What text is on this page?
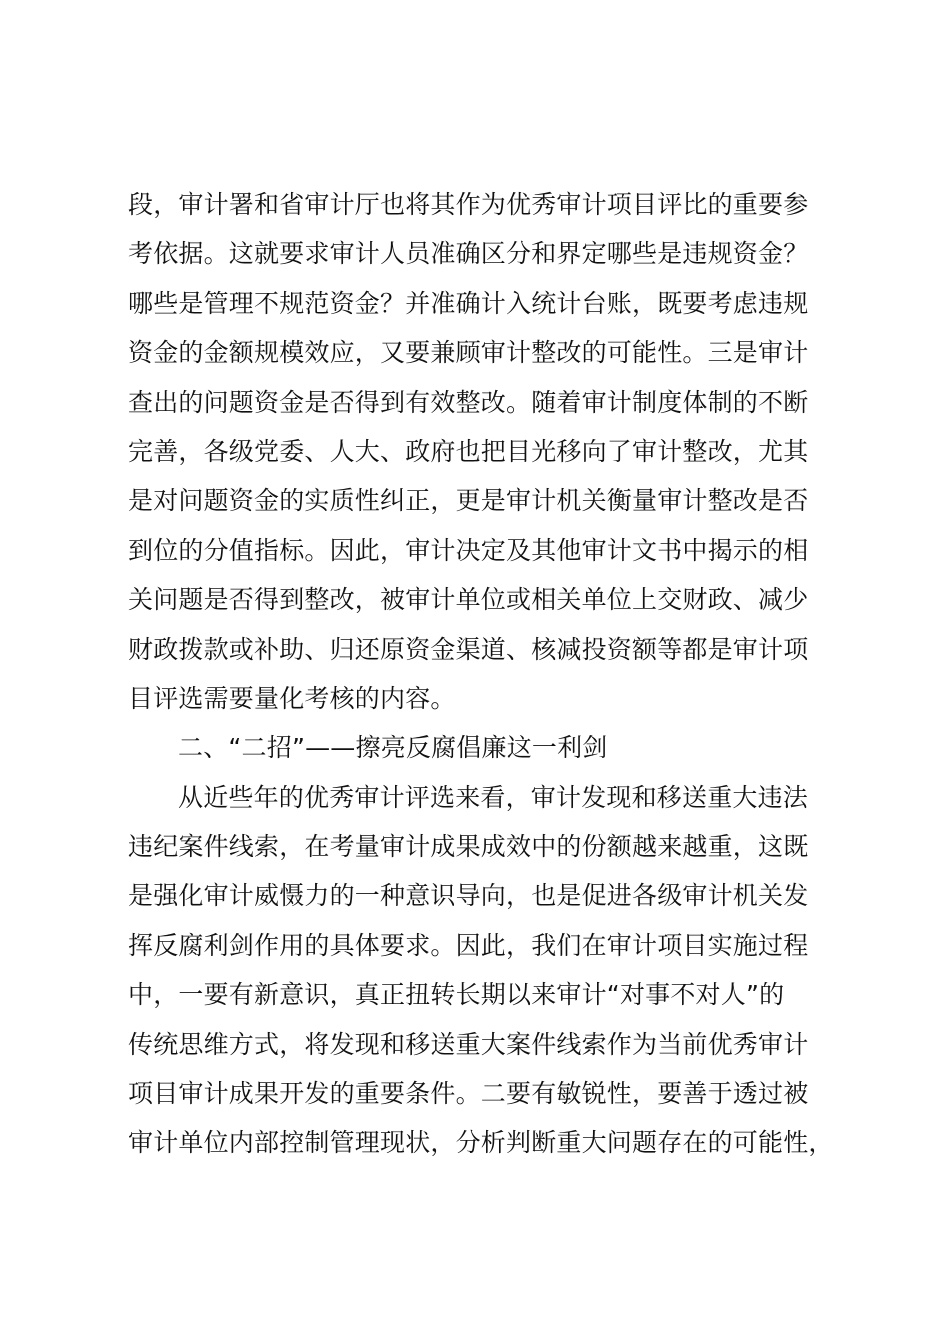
段，审计署和省审计厅也将其作为优秀审计项目评比的重要参
考依据。这就要求审计人员准确区分和界定哪些是违规资金？
哪些是管理不规范资金？并准确计入统计台账，既要考虑违规
资金的金额规模效应，又要兼顾审计整改的可能性。三是审计
查出的问题资金是否得到有效整改。随着审计制度体制的不断
完善，各级党委、人大、政府也把目光移向了审计整改，尤其
是对问题资金的实质性纠正，更是审计机关衡量审计整改是否
到位的分值指标。因此，审计决定及其他审计文书中揭示的相
关问题是否得到整改，被审计单位或相关单位上交财政、减少
财政拨款或补助、归还原资金渠道、核减投资额等都是审计项
目评选需要量化考核的内容。
二、“二招”——擦亮反腐倡廉这一利剑
从近些年的优秀审计评选来看，审计发现和移送重大违法
违纪案件线索，在考量审计成果成效中的份额越来越重，这既
是强化审计威慑力的一种意识导向，也是促进各级审计机关发
挥反腐利剑作用的具体要求。因此，我们在审计项目实施过程
中，一要有新意识，真正扭转长期以来审计“对事不对人”的
传统思维方式，将发现和移送重大案件线索作为当前优秀审计
项目审计成果开发的重要条件。二要有敏锐性，要善于透过被
审计单位内部控制管理现状，分析判断重大问题存在的可能性，
